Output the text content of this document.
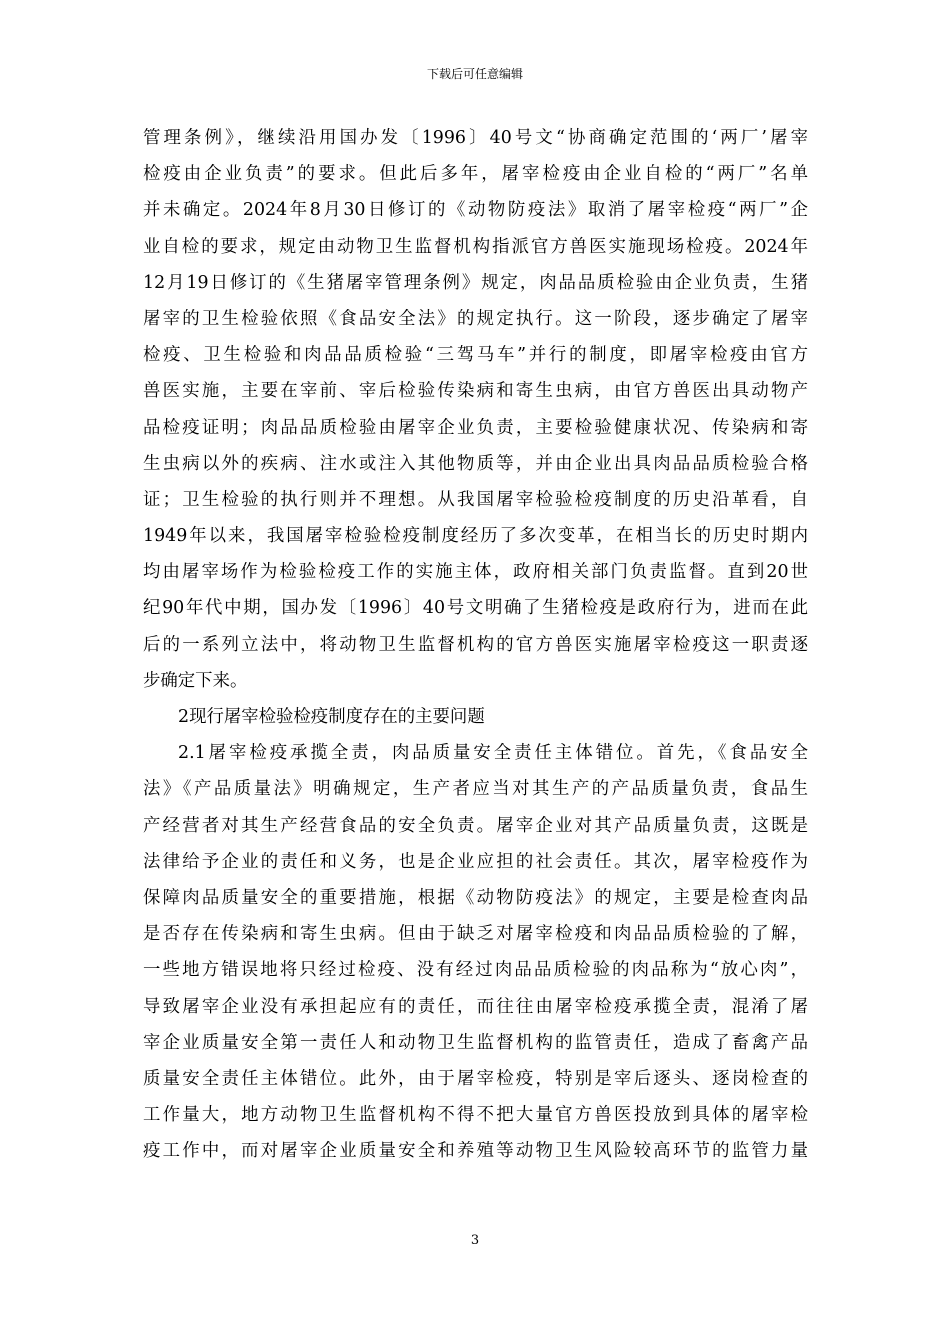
下载后可任意编辑
管理条例》，继续沿用国办发〔1996〕40号文“协商确定范围的‘两厂’屠宰
检疫由企业负责”的要求。但此后多年，屠宰检疫由企业自检的“两厂”名单
并未确定。2024年8月30日修订的《动物防疫法》取消了屠宰检疫“两厂”企
业自检的要求，规定由动物卫生监督机构指派官方兽医实施现场检疫。2024年
12月19日修订的《生猪屠宰管理条例》规定，肉品品质检验由企业负责，生猪
屠宰的卫生检验依照《食品安全法》的规定执行。这一阶段，逐步确定了屠宰
检疫、卫生检验和肉品品质检验“三驾马车”并行的制度，即屠宰检疫由官方
兽医实施，主要在宰前、宰后检验传染病和寄生虫病，由官方兽医出具动物产
品检疫证明；肉品品质检验由屠宰企业负责，主要检验健康状况、传染病和寄
生虫病以外的疾病、注水或注入其他物质等，并由企业出具肉品品质检验合格
证；卫生检验的执行则并不理想。从我国屠宰检验检疫制度的历史沿革看，自
1949年以来，我国屠宰检验检疫制度经历了多次变革，在相当长的历史时期内
均由屠宰场作为检验检疫工作的实施主体，政府相关部门负责监督。直到20世
纪90年代中期，国办发〔1996〕40号文明确了生猪检疫是政府行为，进而在此
后的一系列立法中，将动物卫生监督机构的官方兽医实施屠宰检疫这一职责逐
步确定下来。
2现行屠宰检验检疫制度存在的主要问题
2.1屠宰检疫承揽全责，肉品质量安全责任主体错位。首先，《食品安全
法》《产品质量法》明确规定，生产者应当对其生产的产品质量负责，食品生
产经营者对其生产经营食品的安全负责。屠宰企业对其产品质量负责，这既是
法律给予企业的责任和义务，也是企业应担的社会责任。其次，屠宰检疫作为
保障肉品质量安全的重要措施，根据《动物防疫法》的规定，主要是检查肉品
是否存在传染病和寄生虫病。但由于缺乏对屠宰检疫和肉品品质检验的了解，
一些地方错误地将只经过检疫、没有经过肉品品质检验的肉品称为“放心肉”，
导致屠宰企业没有承担起应有的责任，而往往由屠宰检疫承揽全责，混淆了屠
宰企业质量安全第一责任人和动物卫生监督机构的监管责任，造成了畜禽产品
质量安全责任主体错位。此外，由于屠宰检疫，特别是宰后逐头、逐岗检查的
工作量大，地方动物卫生监督机构不得不把大量官方兽医投放到具体的屠宰检
疫工作中，而对屠宰企业质量安全和养殖等动物卫生风险较高环节的监管力量
3
